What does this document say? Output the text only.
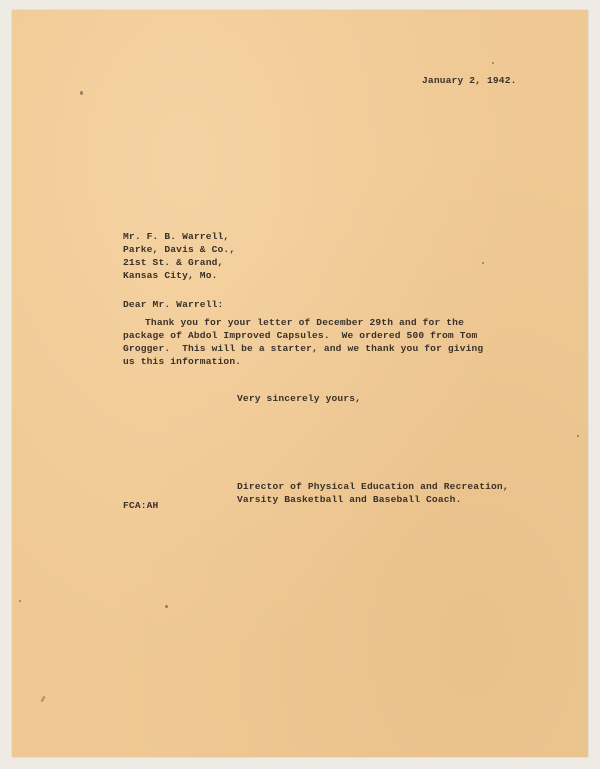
January 2, 1942.
Mr. F. B. Warrell,
Parke, Davis & Co.,
21st St. & Grand,
Kansas City, Mo.
Dear Mr. Warrell:
Thank you for your letter of December 29th and for the
package of Abdol Improved Capsules.  We ordered 500 from Tom
Grogger.  This will be a starter, and we thank you for giving
us this information.
Very sincerely yours,
Director of Physical Education and Recreation,
Varsity Basketball and Baseball Coach.
FCA:AH
